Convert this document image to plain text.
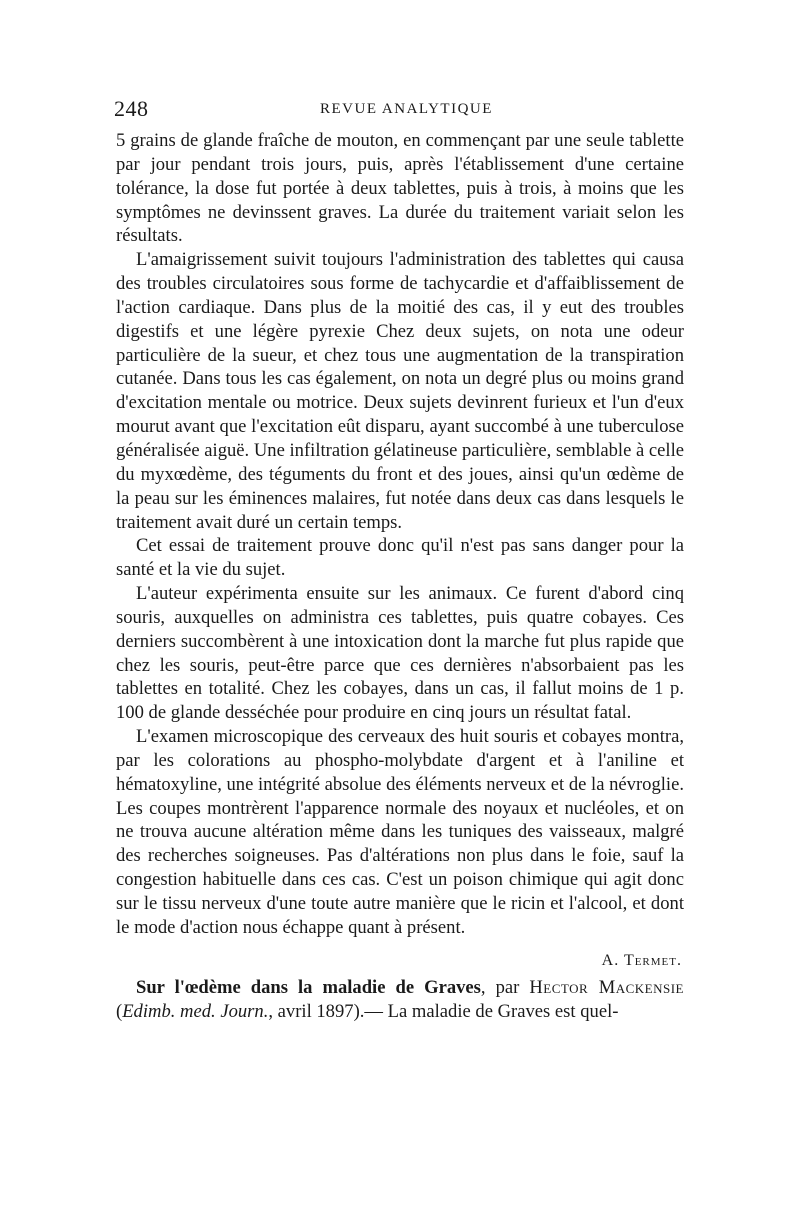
248	REVUE ANALYTIQUE

5 grains de glande fraîche de mouton, en commençant par une seule tablette par jour pendant trois jours, puis, après l'établissement d'une certaine tolérance, la dose fut portée à deux tablettes, puis à trois, à moins que les symptômes ne devinssent graves. La durée du traitement variait selon les résultats.

L'amaigrissement suivit toujours l'administration des tablettes qui causa des troubles circulatoires sous forme de tachycardie et d'affaiblissement de l'action cardiaque. Dans plus de la moitié des cas, il y eut des troubles digestifs et une légère pyrexie Chez deux sujets, on nota une odeur particulière de la sueur, et chez tous une augmentation de la transpiration cutanée. Dans tous les cas également, on nota un degré plus ou moins grand d'excitation mentale ou motrice. Deux sujets devinrent furieux et l'un d'eux mourut avant que l'excitation eût disparu, ayant succombé à une tuberculose généralisée aiguë. Une infiltration gélatineuse particulière, semblable à celle du myxœdème, des téguments du front et des joues, ainsi qu'un œdème de la peau sur les éminences malaires, fut notée dans deux cas dans lesquels le traitement avait duré un certain temps.

Cet essai de traitement prouve donc qu'il n'est pas sans danger pour la santé et la vie du sujet.

L'auteur expérimenta ensuite sur les animaux. Ce furent d'abord cinq souris, auxquelles on administra ces tablettes, puis quatre cobayes. Ces derniers succombèrent à une intoxication dont la marche fut plus rapide que chez les souris, peut-être parce que ces dernières n'absorbaient pas les tablettes en totalité. Chez les cobayes, dans un cas, il fallut moins de 1 p. 100 de glande desséchée pour produire en cinq jours un résultat fatal.

L'examen microscopique des cerveaux des huit souris et cobayes montra, par les colorations au phospho-molybdate d'argent et à l'aniline et hématoxyline, une intégrité absolue des éléments nerveux et de la névroglie. Les coupes montrèrent l'apparence normale des noyaux et nucléoles, et on ne trouva aucune altération même dans les tuniques des vaisseaux, malgré des recherches soigneuses. Pas d'altérations non plus dans le foie, sauf la congestion habituelle dans ces cas. C'est un poison chimique qui agit donc sur le tissu nerveux d'une toute autre manière que le ricin et l'alcool, et dont le mode d'action nous échappe quant à présent.

A. Termet.

Sur l'œdème dans la maladie de Graves, par Hector Mackensie (Edimb. med. Journ., avril 1897).— La maladie de Graves est quel-
